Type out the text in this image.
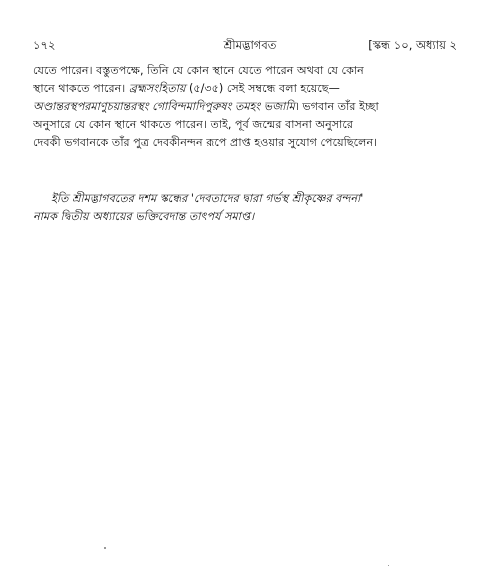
১৭২	শ্রীমদ্ভাগবত	[স্কন্ধ ১০, অধ্যায় ২
যেতে পারেন। বস্তুতপক্ষে, তিনি যে কোন স্থানে যেতে পারেন অথবা যে কোন
স্থানে থাকতে পারেন। ব্রহ্মসংহিতায় (৫/৩৫) সেই সম্বন্ধে বলা হয়েছে—
অণ্ডান্তরস্থপরমাণুচয়ান্তরস্থং গোবিন্দমাদিপুরুষং তমহং ভজামি। ভগবান তাঁর ইচ্ছা
অনুসারে যে কোন স্থানে থাকতে পারেন। তাই, পূর্ব জন্মের বাসনা অনুসারে
দেবকী ভগবানকে তাঁর পুত্র দেবকীনন্দন রূপে প্রাপ্ত হওয়ার সুযোগ পেয়েছিলেন।
ইতি শ্রীমদ্ভাগবতের দশম স্কন্ধের 'দেবতাদের দ্বারা গর্ভস্থ শ্রীকৃষ্ণের বন্দনা'
নামক দ্বিতীয় অধ্যায়ের ভক্তিবেদান্ত তাৎপর্য সমাপ্ত।
